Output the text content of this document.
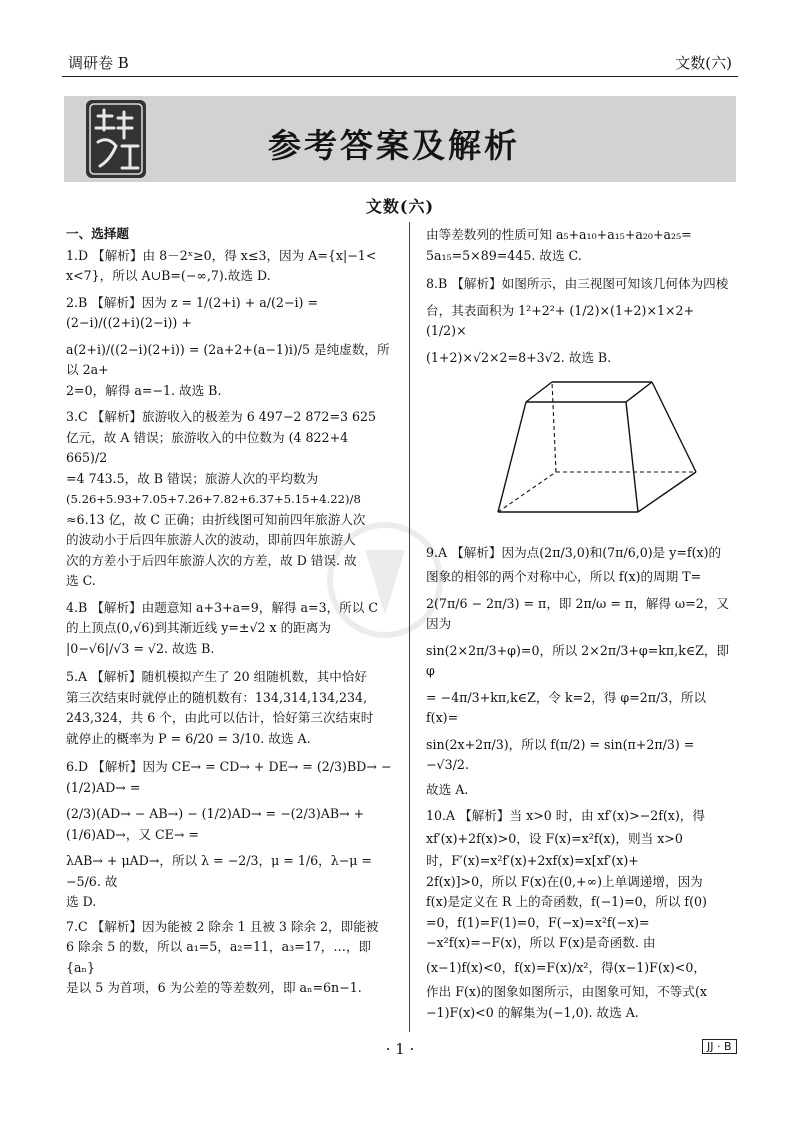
调研卷 B	文数(六)
参考答案及解析
文数(六)
一、选择题
1.D 【解析】由 8－2ˣ≥0，得 x≤3，因为 A={x|−1<
x<7}，所以 A∪B=(−∞,7).故选 D.
2.B 【解析】因为 z = 1/(2+i) + a/(2−i) = (2−i)/((2+i)(2−i)) +
a(2+i)/((2−i)(2+i)) = (2a+2+(a−1)i)/5 是纯虚数，所以 2a+
2=0，解得 a=−1. 故选 B.
3.C 【解析】旅游收入的极差为 6 497−2 872=3 625
亿元，故 A 错误；旅游收入的中位数为 (4 822+4 665)/2
=4 743.5，故 B 错误；旅游人次的平均数为
(5.26+5.93+7.05+7.26+7.82+6.37+5.15+4.22)/8
≈6.13 亿，故 C 正确；由折线图可知前四年旅游人次
的波动小于后四年旅游人次的波动，即前四年旅游人
次的方差小于后四年旅游人次的方差，故 D 错误. 故
选 C.
4.B 【解析】由题意知 a+3+a=9，解得 a=3，所以 C
的上顶点(0,√6)到其渐近线 y=±√2 x 的距离为
|0−√6|/√3 = √2. 故选 B.
5.A 【解析】随机模拟产生了 20 组随机数，其中恰好
第三次结束时就停止的随机数有：134,314,134,234,
243,324，共 6 个，由此可以估计，恰好第三次结束时
就停止的概率为 P = 6/20 = 3/10. 故选 A.
6.D 【解析】因为 CE→ = CD→ + DE→ = (2/3)BD→ − (1/2)AD→ =
(2/3)(AD→ − AB→) − (1/2)AD→ = −(2/3)AB→ + (1/6)AD→，又 CE→ =
λAB→ + μAD→，所以 λ = −2/3，μ = 1/6，λ−μ = −5/6. 故
选 D.
7.C 【解析】因为能被 2 除余 1 且被 3 除余 2，即能被
6 除余 5 的数，所以 a₁=5，a₂=11，a₃=17，…，即{aₙ}
是以 5 为首项，6 为公差的等差数列，即 aₙ=6n−1.
由等差数列的性质可知 a₅+a₁₀+a₁₅+a₂₀+a₂₅=
5a₁₅=5×89=445. 故选 C.
8.B 【解析】如图所示，由三视图可知该几何体为四棱
台，其表面积为 1²+2²+ (1/2)×(1+2)×1×2+ (1/2)×
(1+2)×√2×2=8+3√2. 故选 B.
9.A 【解析】因为点(2π/3,0)和(7π/6,0)是 y=f(x)的
图象的相邻的两个对称中心，所以 f(x)的周期 T=
2(7π/6 − 2π/3) = π，即 2π/ω = π，解得 ω=2，又因为
sin(2×2π/3+φ)=0，所以 2×2π/3+φ=kπ,k∈Z，即 φ
= −4π/3+kπ,k∈Z，令 k=2，得 φ=2π/3，所以 f(x)=
sin(2x+2π/3)，所以 f(π/2) = sin(π+2π/3) = −√3/2.
故选 A.
10.A 【解析】当 x>0 时，由 xf′(x)>−2f(x)，得
xf′(x)+2f(x)>0，设 F(x)=x²f(x)，则当 x>0
时，F′(x)=x²f′(x)+2xf(x)=x[xf′(x)+
2f(x)]>0，所以 F(x)在(0,+∞)上单调递增，因为
f(x)是定义在 R 上的奇函数，f(−1)=0，所以 f(0)
=0，f(1)=F(1)=0，F(−x)=x²f(−x)=
−x²f(x)=−F(x)，所以 F(x)是奇函数. 由
(x−1)f(x)<0，f(x)=F(x)/x²，得(x−1)F(x)<0，
作出 F(x)的图象如图所示，由图象可知，不等式(x
−1)F(x)<0 的解集为(−1,0). 故选 A.
· 1 ·	JJ · B
